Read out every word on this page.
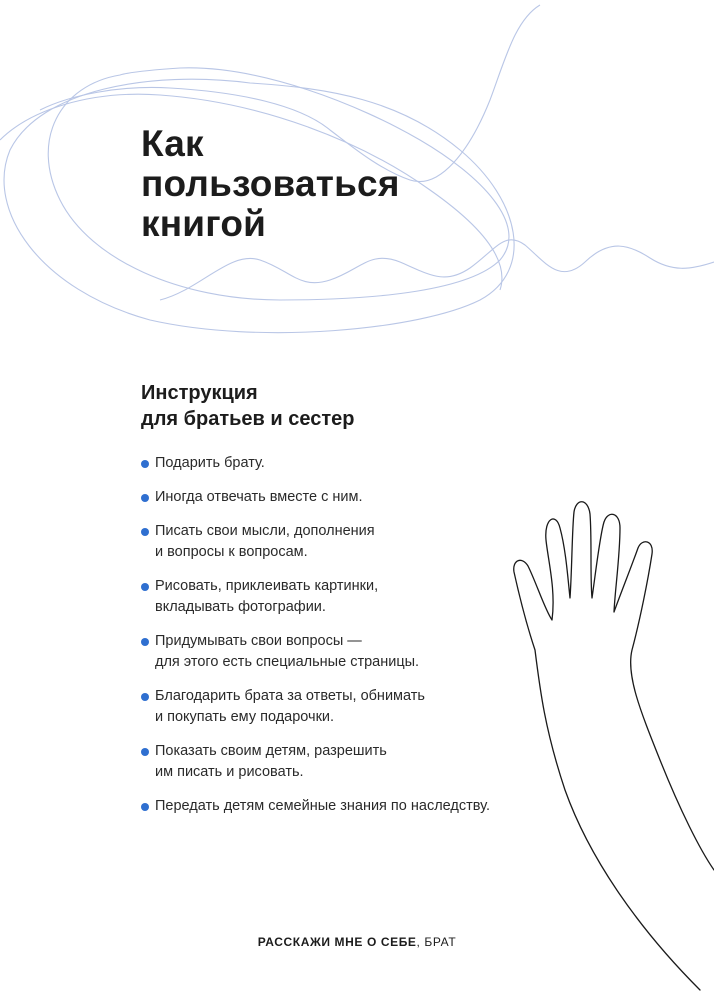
Как
пользоваться
книгой
Инструкция
для братьев и сестер
Подарить брату.
Иногда отвечать вместе с ним.
Писать свои мысли, дополнения
и вопросы к вопросам.
Рисовать, приклеивать картинки,
вкладывать фотографии.
Придумывать свои вопросы —
для этого есть специальные страницы.
Благодарить брата за ответы, обнимать
и покупать ему подарочки.
Показать своим детям, разрешить
им писать и рисовать.
Передать детям семейные знания по наследству.
РАССКАЖИ МНЕ О СЕБЕ, БРАТ
